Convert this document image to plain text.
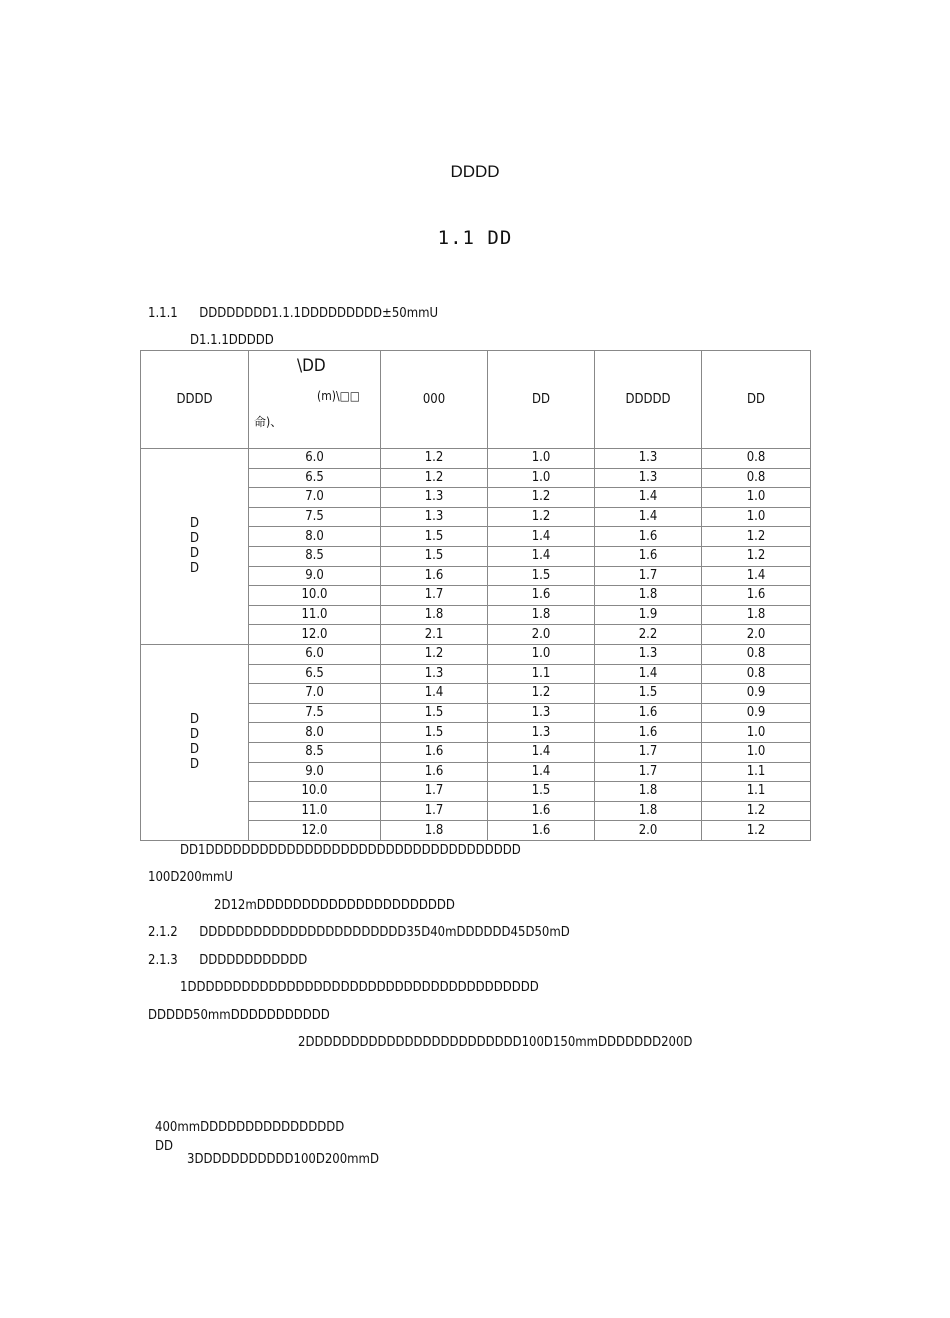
DDDD
1.1 DD
1.1.1 DDDDDDDD1.1.1DDDDDDDDD±50mmU
D1.1.1DDDDD
DDDD	\DD
(m)\□□
命)、	000	DD	DDDDD	DD

D
D
D
D	6.0	1.2	1.0	1.3	0.8
	6.5	1.2	1.0	1.3	0.8
	7.0	1.3	1.2	1.4	1.0
	7.5	1.3	1.2	1.4	1.0
	8.0	1.5	1.4	1.6	1.2
	8.5	1.5	1.4	1.6	1.2
	9.0	1.6	1.5	1.7	1.4
	10.0	1.7	1.6	1.8	1.6
	11.0	1.8	1.8	1.9	1.8
	12.0	2.1	2.0	2.2	2.0

D
D
D
D	6.0	1.2	1.0	1.3	0.8
	6.5	1.3	1.1	1.4	0.8
	7.0	1.4	1.2	1.5	0.9
	7.5	1.5	1.3	1.6	0.9
	8.0	1.5	1.3	1.6	1.0
	8.5	1.6	1.4	1.7	1.0
	9.0	1.6	1.4	1.7	1.1
	10.0	1.7	1.5	1.8	1.1
	11.0	1.7	1.6	1.8	1.2
	12.0	1.8	1.6	2.0	1.2
DD1DDDDDDDDDDDDDDDDDDDDDDDDDDDDDDDDDDD
100D200mmU
2D12mDDDDDDDDDDDDDDDDDDDDDD
2.1.2 DDDDDDDDDDDDDDDDDDDDDDD35D40mDDDDDD45D50mD
2.1.3 DDDDDDDDDDDD
1DDDDDDDDDDDDDDDDDDDDDDDDDDDDDDDDDDDDDDD
DDDDD50mmDDDDDDDDDDD
2DDDDDDDDDDDDDDDDDDDDDDDD100D150mmDDDDDDD200D
400mmDDDDDDDDDDDDDDDD
DD
3DDDDDDDDDDD100D200mmD
